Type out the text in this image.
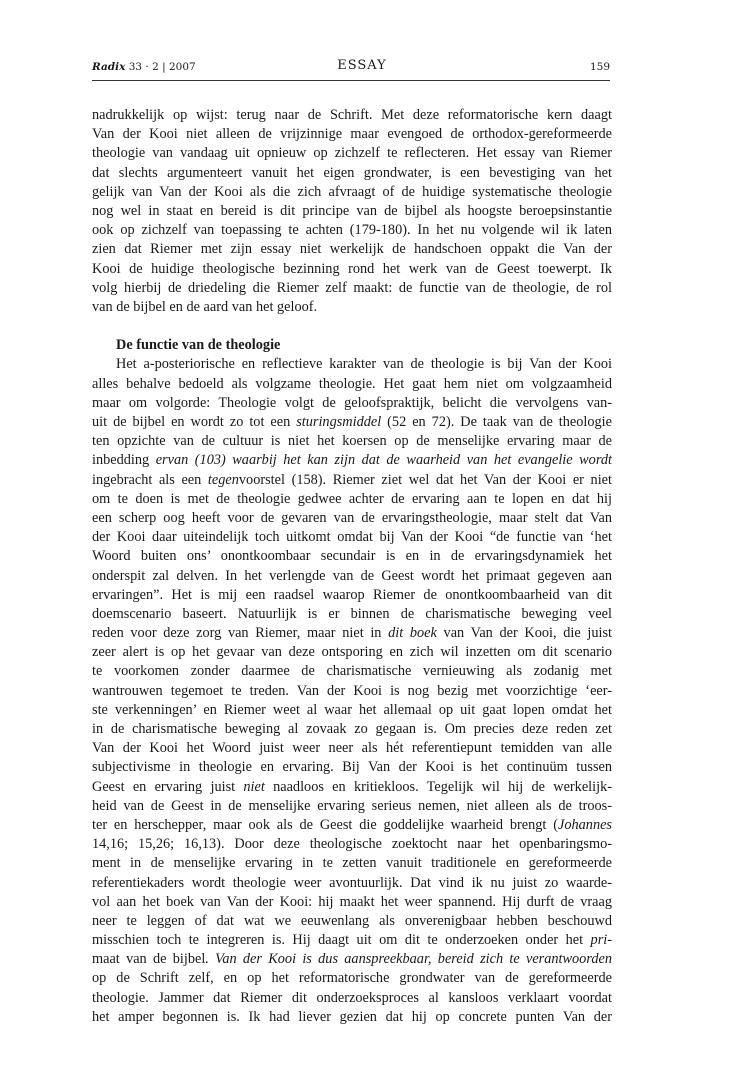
Radix 33 · 2 | 2007	ESSAY	159
nadrukkelijk op wijst: terug naar de Schrift. Met deze reformatorische kern daagt
Van der Kooi niet alleen de vrijzinnige maar evengoed de orthodox-gereformeerde
theologie van vandaag uit opnieuw op zichzelf te reflecteren. Het essay van Riemer
dat slechts argumenteert vanuit het eigen grondwater, is een bevestiging van het
gelijk van Van der Kooi als die zich afvraagt of de huidige systematische theologie
nog wel in staat en bereid is dit principe van de bijbel als hoogste beroepsinstantie
ook op zichzelf van toepassing te achten (179-180). In het nu volgende wil ik laten
zien dat Riemer met zijn essay niet werkelijk de handschoen oppakt die Van der
Kooi de huidige theologische bezinning rond het werk van de Geest toewerpt. Ik
volg hierbij de driedeling die Riemer zelf maakt: de functie van de theologie, de rol
van de bijbel en de aard van het geloof.
De functie van de theologie
Het a-posteriorische en reflectieve karakter van de theologie is bij Van der Kooi
alles behalve bedoeld als volgzame theologie. Het gaat hem niet om volgzaamheid
maar om volgorde: Theologie volgt de geloofspraktijk, belicht die vervolgens van-
uit de bijbel en wordt zo tot een sturingsmiddel (52 en 72). De taak van de theologie
ten opzichte van de cultuur is niet het koersen op de menselijke ervaring maar de
inbedding ervan (103) waarbij het kan zijn dat de waarheid van het evangelie wordt
ingebracht als een tegenvoorstel (158). Riemer ziet wel dat het Van der Kooi er niet
om te doen is met de theologie gedwee achter de ervaring aan te lopen en dat hij
een scherp oog heeft voor de gevaren van de ervaringstheologie, maar stelt dat Van
der Kooi daar uiteindelijk toch uitkomt omdat bij Van der Kooi “de functie van ‘het
Woord buiten ons’ onontkoombaar secundair is en in de ervaringsdynamiek het
onderspit zal delven. In het verlengde van de Geest wordt het primaat gegeven aan
ervaringen”. Het is mij een raadsel waarop Riemer de onontkoombaarheid van dit
doemscenario baseert. Natuurlijk is er binnen de charismatische beweging veel
reden voor deze zorg van Riemer, maar niet in dit boek van Van der Kooi, die juist
zeer alert is op het gevaar van deze ontsporing en zich wil inzetten om dit scenario
te voorkomen zonder daarmee de charismatische vernieuwing als zodanig met
wantrouwen tegemoet te treden. Van der Kooi is nog bezig met voorzichtige ‘eer-
ste verkenningen’ en Riemer weet al waar het allemaal op uit gaat lopen omdat het
in de charismatische beweging al zovaak zo gegaan is. Om precies deze reden zet
Van der Kooi het Woord juist weer neer als hét referentiepunt temidden van alle
subjectivisme in theologie en ervaring. Bij Van der Kooi is het continuüm tussen
Geest en ervaring juist niet naadloos en kritiekloos. Tegelijk wil hij de werkelijk-
heid van de Geest in de menselijke ervaring serieus nemen, niet alleen als de troos-
ter en herschepper, maar ook als de Geest die goddelijke waarheid brengt (Johannes
14,16; 15,26; 16,13). Door deze theologische zoektocht naar het openbaringsmo-
ment in de menselijke ervaring in te zetten vanuit traditionele en gereformeerde
referentiekaders wordt theologie weer avontuurlijk. Dat vind ik nu juist zo waarde-
vol aan het boek van Van der Kooi: hij maakt het weer spannend. Hij durft de vraag
neer te leggen of dat wat we eeuwenlang als onverenigbaar hebben beschouwd
misschien toch te integreren is. Hij daagt uit om dit te onderzoeken onder het pri-
maat van de bijbel. Van der Kooi is dus aanspreekbaar, bereid zich te verantwoorden
op de Schrift zelf, en op het reformatorische grondwater van de gereformeerde
theologie. Jammer dat Riemer dit onderzoeksproces al kansloos verklaart voordat
het amper begonnen is. Ik had liever gezien dat hij op concrete punten Van der
